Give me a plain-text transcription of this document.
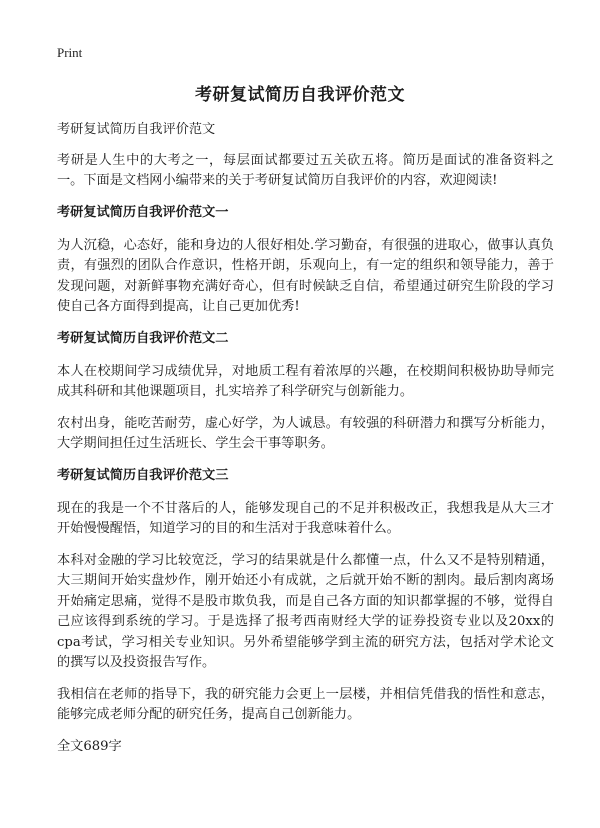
Print
考研复试简历自我评价范文

考研复试简历自我评价范文

考研是人生中的大考之一，每层面试都要过五关砍五将。简历是面试的准备资料之一。下面是文档网小编带来的关于考研复试简历自我评价的内容，欢迎阅读!

考研复试简历自我评价范文一

为人沉稳，心态好，能和身边的人很好相处.学习勤奋，有很强的进取心，做事认真负责，有强烈的团队合作意识，性格开朗，乐观向上，有一定的组织和领导能力，善于发现问题，对新鲜事物充满好奇心，但有时候缺乏自信，希望通过研究生阶段的学习使自己各方面得到提高，让自己更加优秀!

考研复试简历自我评价范文二

本人在校期间学习成绩优异，对地质工程有着浓厚的兴趣，在校期间积极协助导师完成其科研和其他课题项目，扎实培养了科学研究与创新能力。

农村出身，能吃苦耐劳，虚心好学，为人诚恳。有较强的科研潜力和撰写分析能力，大学期间担任过生活班长、学生会干事等职务。

考研复试简历自我评价范文三

现在的我是一个不甘落后的人，能够发现自己的不足并积极改正，我想我是从大三才开始慢慢醒悟，知道学习的目的和生活对于我意味着什么。

本科对金融的学习比较宽泛，学习的结果就是什么都懂一点，什么又不是特别精通，大三期间开始实盘炒作，刚开始还小有成就，之后就开始不断的割肉。最后割肉离场开始痛定思痛，觉得不是股市欺负我，而是自己各方面的知识都掌握的不够，觉得自己应该得到系统的学习。于是选择了报考西南财经大学的证券投资专业以及20xx的cpa考试，学习相关专业知识。另外希望能够学到主流的研究方法，包括对学术论文的撰写以及投资报告写作。

我相信在老师的指导下，我的研究能力会更上一层楼，并相信凭借我的悟性和意志，能够完成老师分配的研究任务，提高自己创新能力。

全文689字
